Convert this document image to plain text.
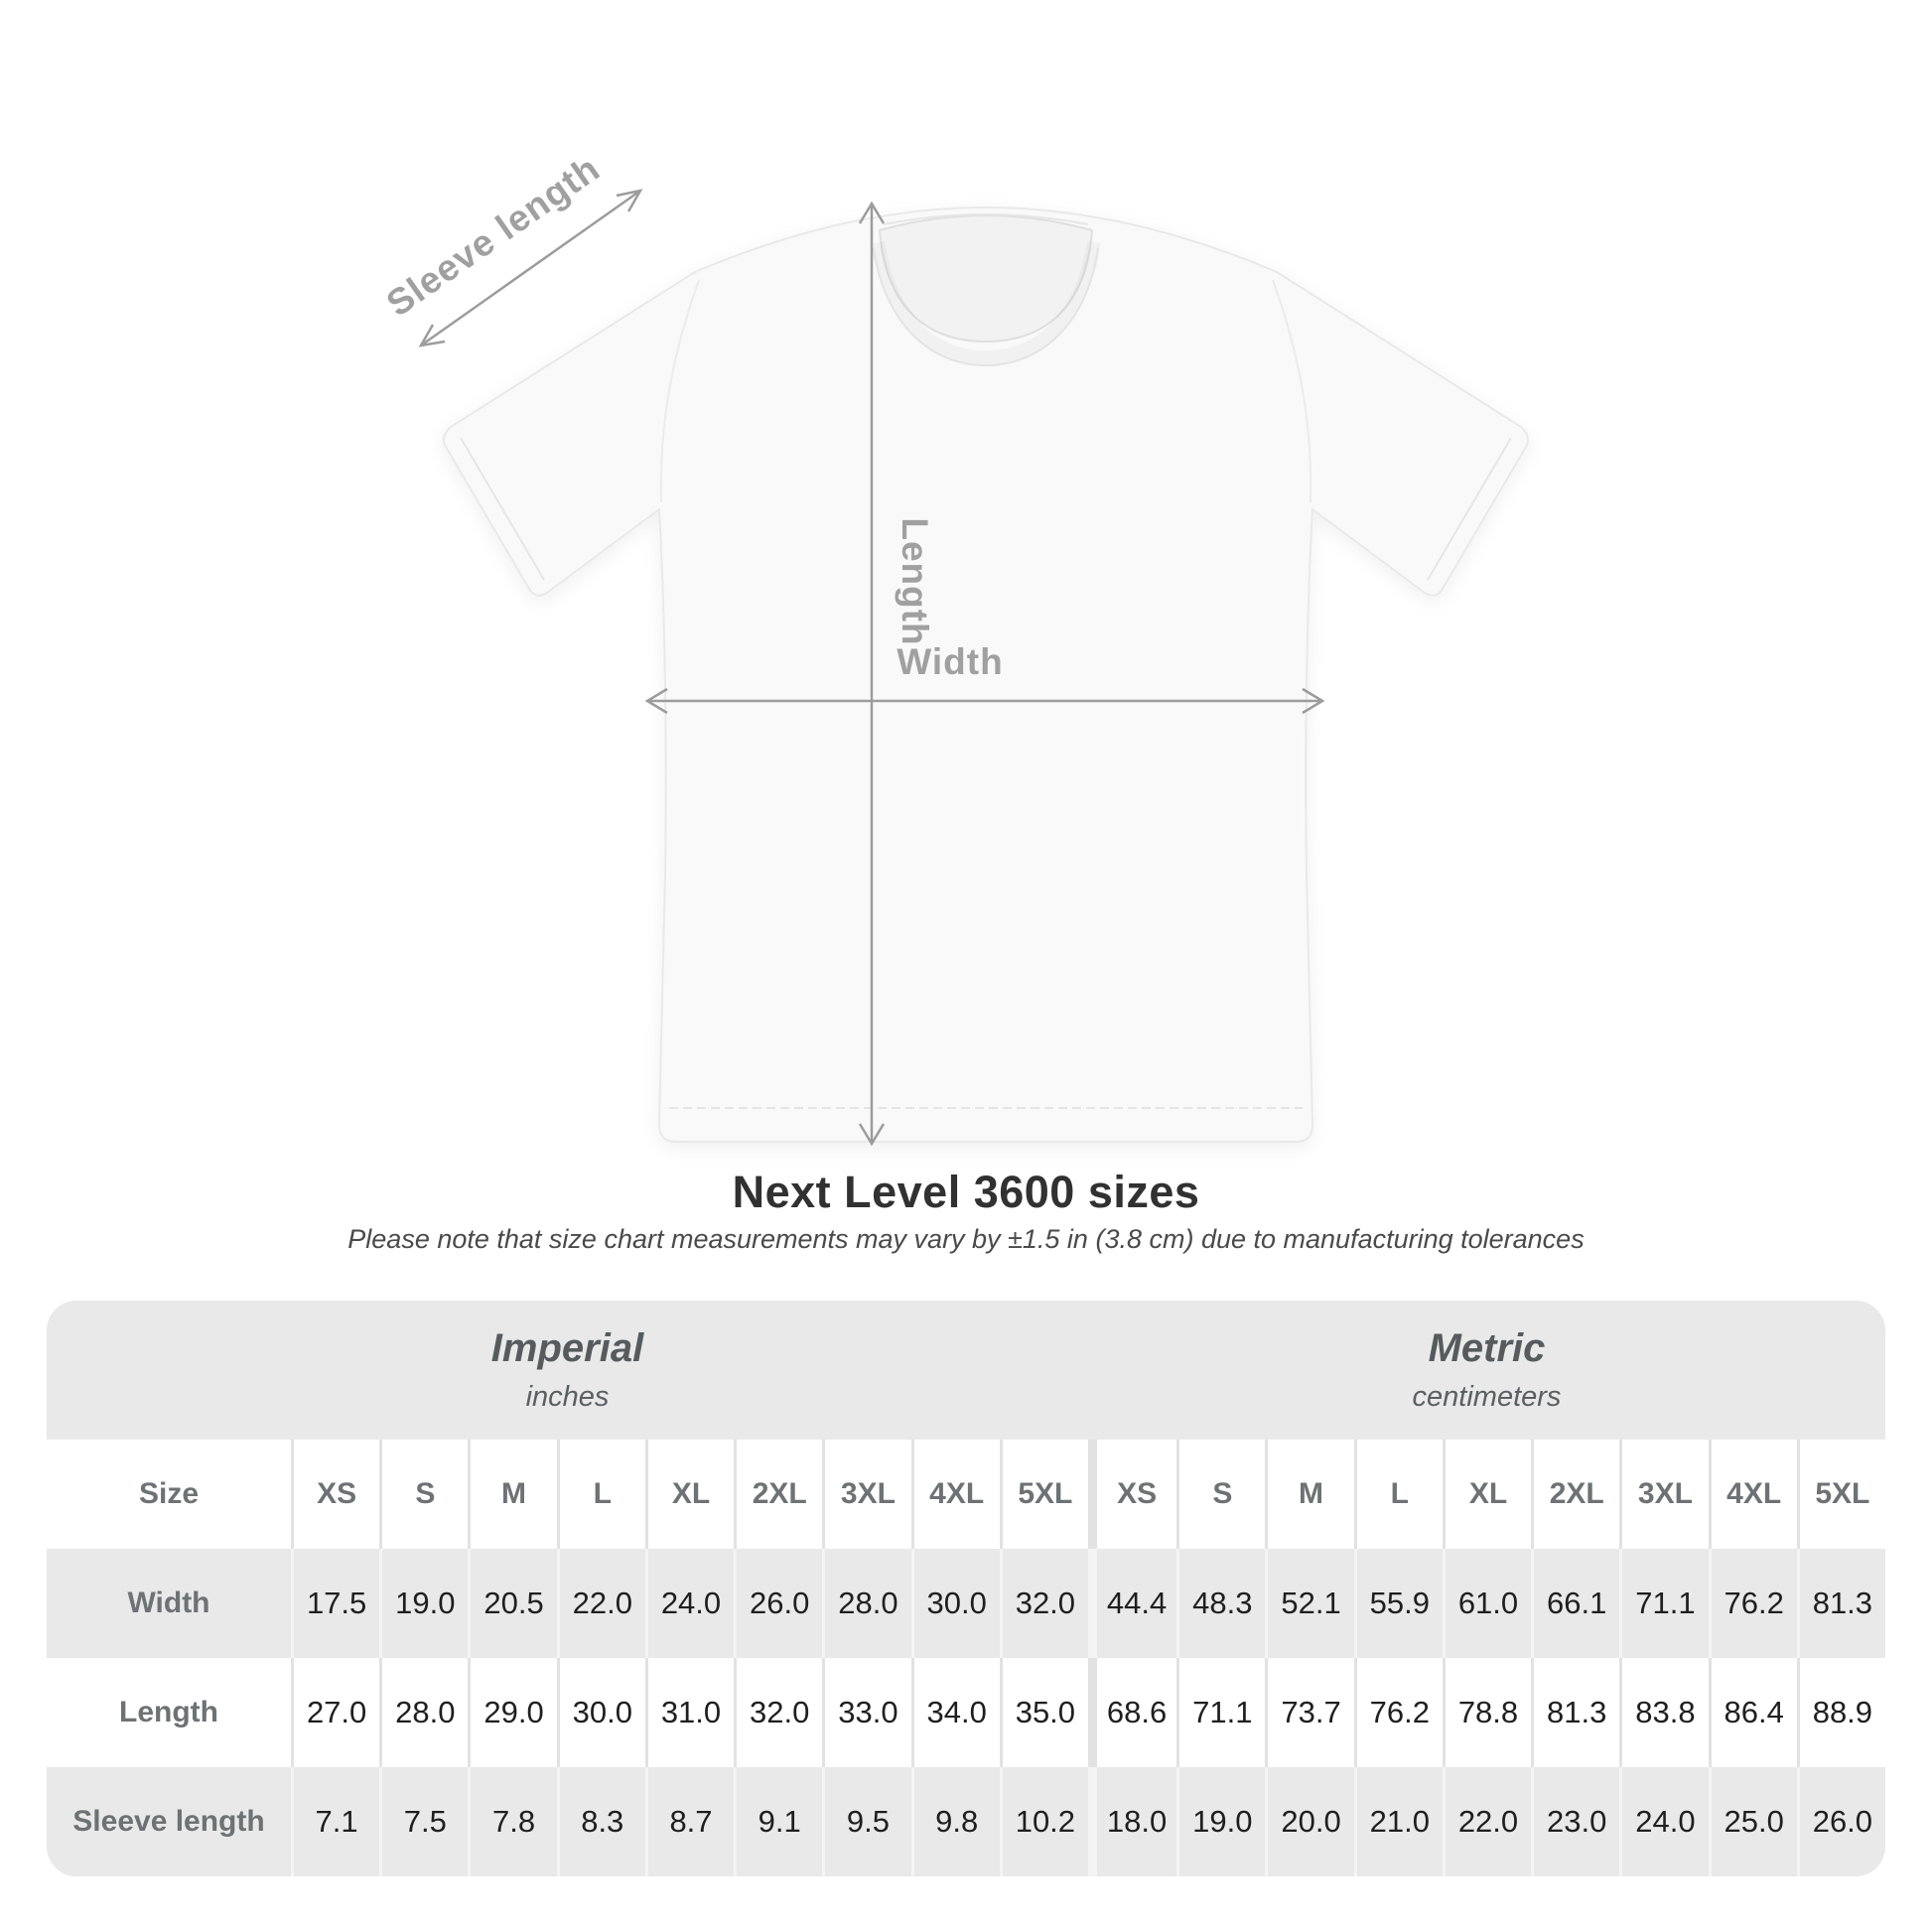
Sleeve length
Length
Width
Next Level 3600 sizes
Please note that size chart measurements may vary by ±1.5 in (3.8 cm) due to manufacturing tolerances
Imperial
inches
Metric
centimeters
Size	XS S M L XL 2XL 3XL 4XL 5XL XS S M L XL 2XL 3XL 4XL 5XL
Width	17.5 19.0 20.5 22.0 24.0 26.0 28.0 30.0 32.0 44.4 48.3 52.1 55.9 61.0 66.1 71.1 76.2 81.3
Length	27.0 28.0 29.0 30.0 31.0 32.0 33.0 34.0 35.0 68.6 71.1 73.7 76.2 78.8 81.3 83.8 86.4 88.9
Sleeve length 7.1 7.5 7.8 8.3 8.7 9.1 9.5 9.8 10.2 18.0 19.0 20.0 21.0 22.0 23.0 24.0 25.0 26.0
